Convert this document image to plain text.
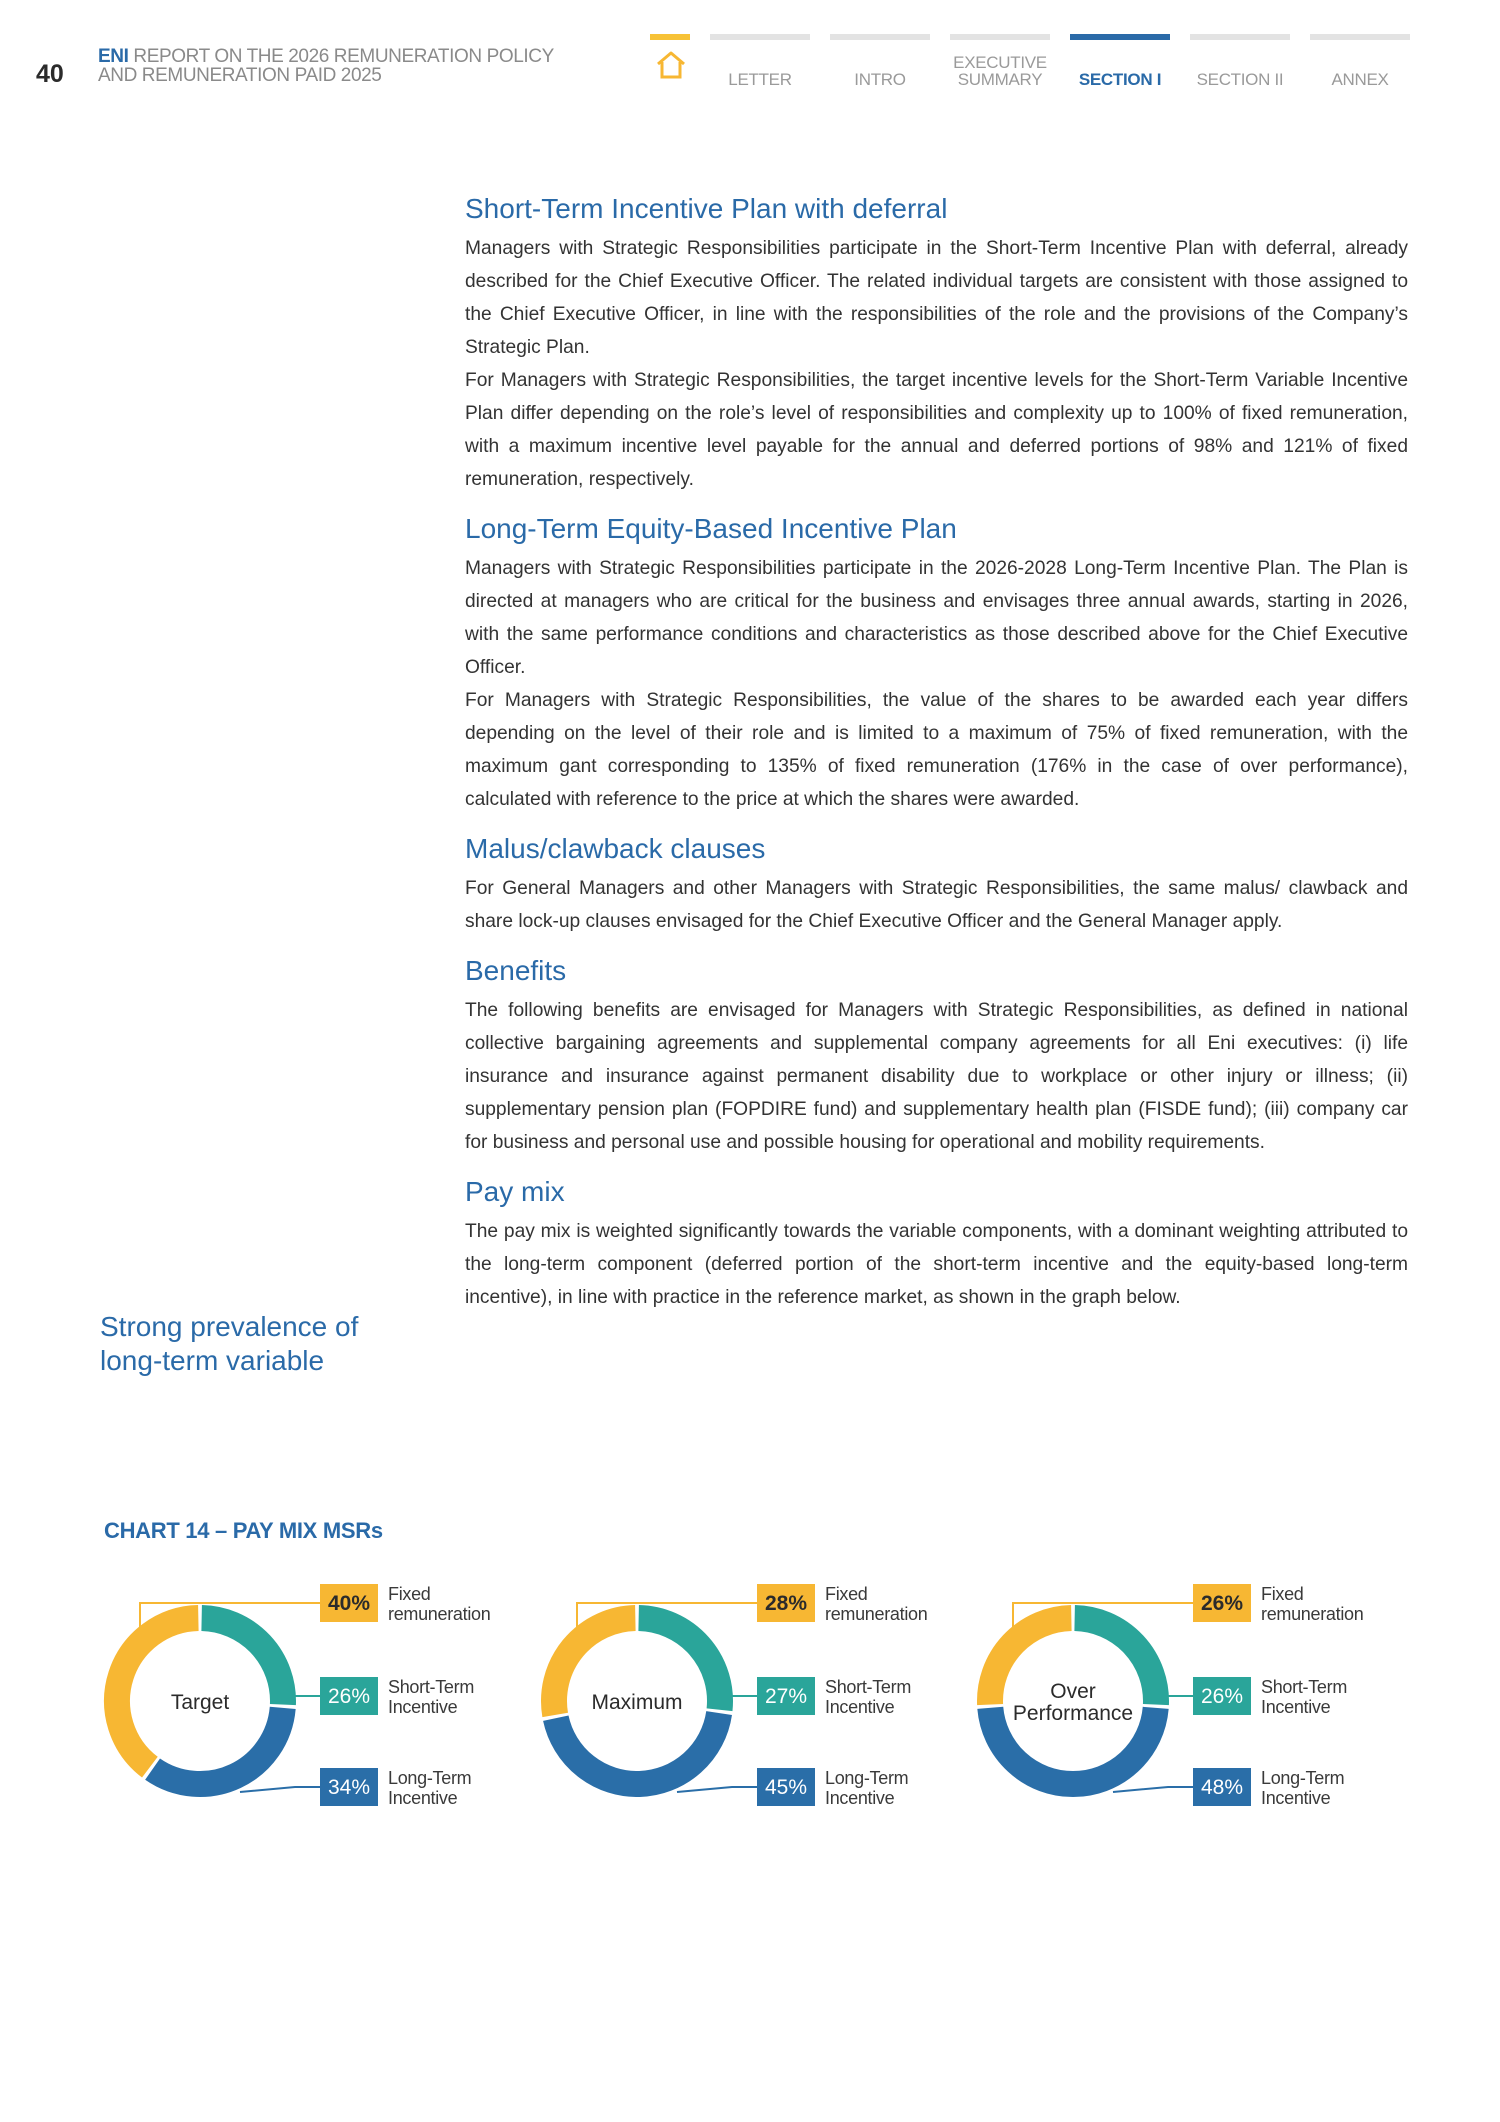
40
ENI REPORT ON THE 2026 REMUNERATION POLICY
AND REMUNERATION PAID 2025	LETTER	INTRO
EXECUTIVE
SUMMARY	SECTION I	SECTION II	ANNEX
Short-Term Incentive Plan with deferral

Managers with Strategic Responsibilities participate in the Short-Term Incentive Plan with deferral, already described for the Chief Executive Officer. The related individual targets are consistent with those assigned to the Chief Executive Officer, in line with the responsibilities of the role and the provisions of the Company’s Strategic Plan.

For Managers with Strategic Responsibilities, the target incentive levels for the Short-Term Variable Incentive Plan differ depending on the role’s level of responsibilities and complexity up to 100% of fixed remuneration, with a maximum incentive level payable for the annual and deferred portions of 98% and 121% of fixed remuneration, respectively.

Long-Term Equity-Based Incentive Plan

Managers with Strategic Responsibilities participate in the 2026-2028 Long-Term Incentive Plan. The Plan is directed at managers who are critical for the business and envisages three annual awards, starting in 2026, with the same performance conditions and characteristics as those described above for the Chief Executive Officer.

For Managers with Strategic Responsibilities, the value of the shares to be awarded each year differs depending on the level of their role and is limited to a maximum of 75% of fixed remuneration, with the maximum gant corresponding to 135% of fixed remuneration (176% in the case of over performance), calculated with reference to the price at which the shares were awarded.

Malus/clawback clauses

For General Managers and other Managers with Strategic Responsibilities, the same malus/ clawback and share lock-up clauses envisaged for the Chief Executive Officer and the General Manager apply.

Benefits

The following benefits are envisaged for Managers with Strategic Responsibilities, as defined in national collective bargaining agreements and supplemental company agreements for all Eni executives: (i) life insurance and insurance against permanent disability due to workplace or other injury or illness; (ii) supplementary pension plan (FOPDIRE fund) and supplementary health plan (FISDE fund); (iii) company car for business and personal use and possible housing for operational and mobility requirements.

Pay mix

The pay mix is weighted significantly towards the variable components, with a dominant weighting attributed to the long-term component (deferred portion of the short-term incentive and the equity-based long-term incentive), in line with practice in the reference market, as shown in the graph below.

Strong prevalence of long-term variable
CHART 14 – PAY MIX MSRs
Target
40% Fixed
remuneration
26% Short-Term
Incentive
34% Long-Term
Incentive
Maximum
28% Fixed
remuneration
27% Short-Term
Incentive
45% Long-Term
Incentive
Over
Performance
26% Fixed
remuneration
26% Short-Term
Incentive
48% Long-Term
Incentive
